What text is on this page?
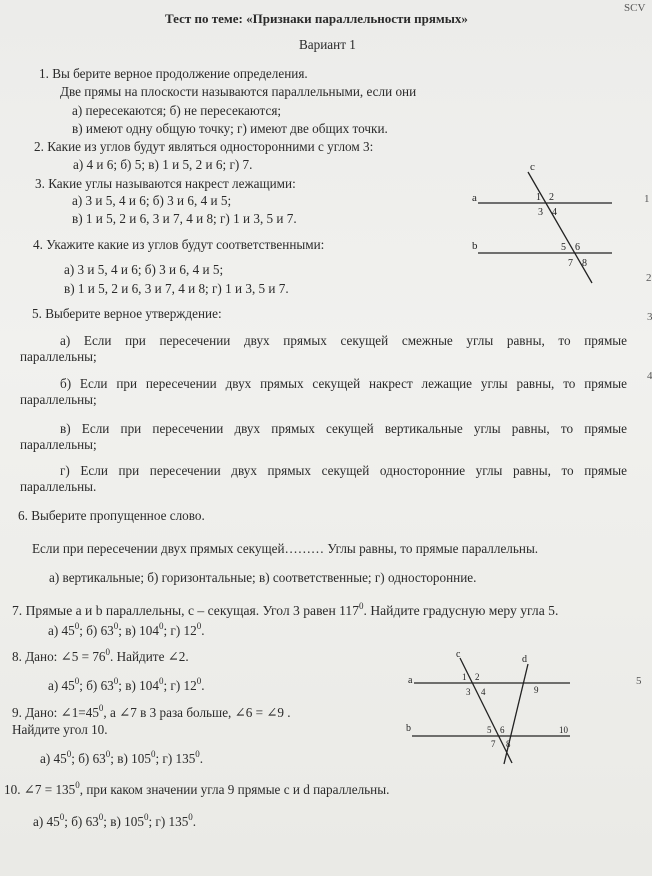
Тест по теме: «Признаки параллельности прямых»
Вариант 1
SCV
1. Вы берите верное продолжение определения.
Две прямы на плоскости называются параллельными, если они
а) пересекаются; б) не пересекаются;
в) имеют одну общую точку; г) имеют две общих точки.
2. Какие из углов будут являться односторонними с углом 3:
а) 4 и 6; б) 5; в) 1 и 5, 2 и 6; г) 7.
3. Какие углы называются накрест лежащими:
а) 3 и 5, 4 и 6; б) 3 и 6, 4 и 5;
в) 1 и 5, 2 и 6, 3 и 7, 4 и 8; г) 1 и 3, 5 и 7.
4. Укажите какие из углов будут соответственными:
а) 3 и 5, 4 и 6; б) 3 и 6, 4 и 5;
в) 1 и 5, 2 и 6, 3 и 7, 4 и 8; г) 1 и 3, 5 и 7.
5. Выберите верное утверждение:
а) Если при пересечении двух прямых секущей смежные углы равны, то прямые
параллельны;
б) Если при пересечении двух прямых секущей накрест лежащие углы равны, то прямые
параллельны;
в) Если при пересечении двух прямых секущей вертикальные углы равны, то прямые
параллельны;
г) Если при пересечении двух прямых секущей односторонние углы равны, то прямые
параллельны.
6. Выберите пропущенное слово.
Если при пересечении двух прямых секущей……… Углы равны, то прямые параллельны.
а) вертикальные; б) горизонтальные; в) соответственные; г) односторонние.
7. Прямые a и b параллельны, c – секущая. Угол 3 равен $117^0$. Найдите градусную меру угла 5.
а) $45^0$; б) $63^0$; в) $104^0$; г) $12^0$.
8. Дано: ∠5 = $76^0$. Найдите ∠2.
а) $45^0$; б) $63^0$; в) $104^0$; г) $12^0$.
9. Дано: $\angle 1=45^0$, а ∠7 в 3 раза больше, ∠6 = ∠9 .
Найдите угол 10.
а) $45^0$; б) $63^0$; в) $105^0$; г) $135^0$.
10. ∠7 = $135^0$, при каком значении угла 9 прямые c и d параллельны.
а) $45^0$; б) $63^0$; в) $105^0$; г) $135^0$.
a
b
c
1 2
3 4
5 6
7 8
a
b
c	d
1 2
3 4
5 6
7 8
9
10
1
2
3
4
5
